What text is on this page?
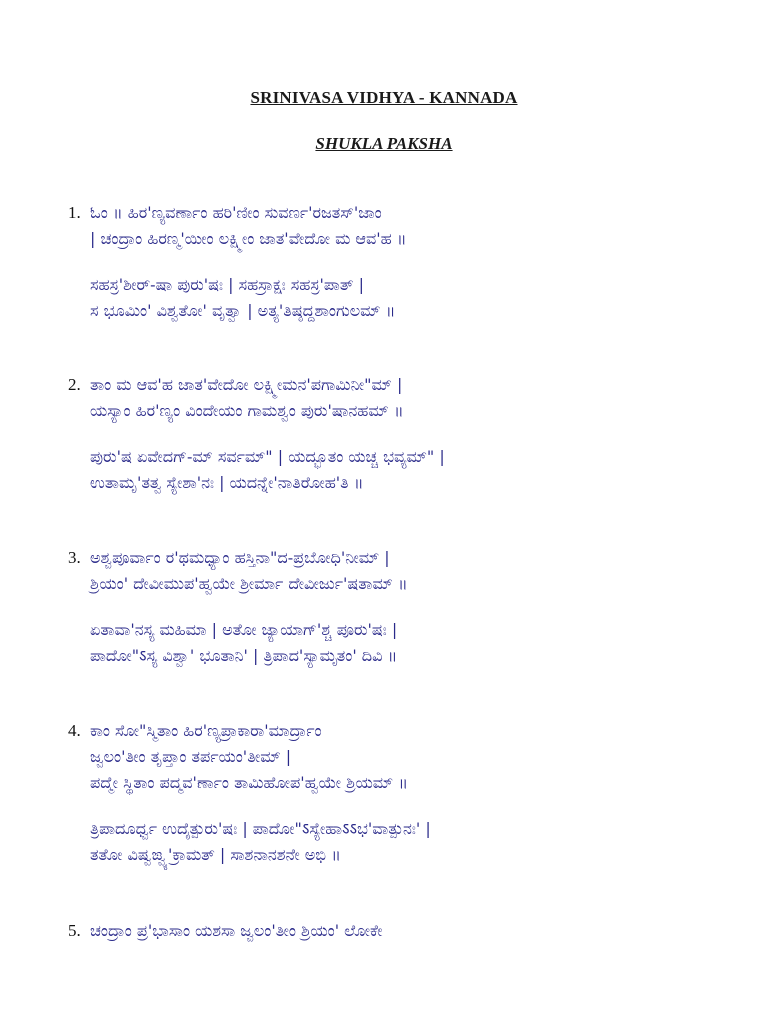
SRINIVASA VIDHYA - KANNADA
SHUKLA PAKSHA
1. ಓಂ ॥ ಹಿರ'ಣ್ಯವರ್ಣಾಂ ಹರಿ'ಣೀಂ ಸುವರ್ಣ'ರಜತಸ್'ಜಾಂ
| ಚಂದ್ರಾಂ ಹಿರಣ್ಮ'ಯೀಂ ಲಕ್ಷ್ಮೀಂ ಜಾತ'ವೇದೋ ಮ ಆವ'ಹ ॥
ಸಹಸ್ರ'ಶೀರ್-ಷಾ ಪುರು'ಷಃ | ಸಹಸ್ರಾಕ್ಷಃ ಸಹಸ್ರ'ಪಾತ್ |
ಸ ಭೂಮಿಂ' ವಿಶ್ವತೋ' ವೃತ್ವಾ | ಅತ್ಯ'ತಿಷ್ಠದ್ದಶಾಂಗುಲಮ್ ॥
2. ತಾಂ ಮ ಆವ'ಹ ಜಾತ'ವೇದೋ ಲಕ್ಷ್ಮೀಮನ'ಪಗಾಮಿನೀ"ಮ್ |
ಯಸ್ಯಾಂ ಹಿರ'ಣ್ಯಂ ವಿಂದೇಯಂ ಗಾಮಶ್ವಂ ಪುರು'ಷಾನಹಮ್ ॥
ಪುರು'ಷ ಏವೇದಗ್-ಮ್ ಸರ್ವಮ್" | ಯದ್ಭೂತಂ ಯಚ್ಚ ಭವ್ಯಮ್" |
ಉತಾಮೃ'ತತ್ವ ಸ್ಯೇಶಾ'ನಃ | ಯದನ್ನೇ'ನಾತಿರೋಹ'ತಿ ॥
3. ಅಶ್ವಪೂರ್ವಾಂ ರ'ಥಮಧ್ಯಾಂ ಹಸ್ತಿನಾ"ದ-ಪ್ರಬೋಧಿ'ನೀಮ್ |
ಶ್ರಿಯಂ' ದೇವೀಮುಪ'ಹ್ವಯೇ ಶ್ರೀರ್ಮಾ ದೇವೀರ್ಜು'ಷತಾಮ್ ॥
ಏತಾವಾ'ನಸ್ಯ ಮಹಿಮಾ | ಅತೋ ಜ್ಯಾಯಾಗ್'ಶ್ಚ ಪೂರು'ಷಃ |
ಪಾದೋ"ऽಸ್ಯ ವಿಶ್ವಾ' ಭೂತಾನಿ' | ತ್ರಿಪಾದ'ಸ್ಯಾಮೃತಂ' ದಿವಿ ॥
4. ಕಾಂ ಸೋ"ಸ್ಮಿತಾಂ ಹಿರ'ಣ್ಯಪ್ರಾಕಾರಾ'ಮಾರ್ದ್ರಾಂ
ಜ್ವಲಂ'ತೀಂ ತೃಪ್ತಾಂ ತರ್ಪಯಂ'ತೀಮ್ |
ಪದ್ಮೇ ಸ್ಥಿತಾಂ ಪದ್ಮವ'ರ್ಣಾಂ ತಾಮಿಹೋಪ'ಹ್ವಯೇ ಶ್ರಿಯಮ್ ॥
ತ್ರಿಪಾದೂರ್ಧ್ವ ಉದೈತ್ಪುರು'ಷಃ | ಪಾದೋ"ऽಸ್ಯೇಹಾऽऽಭ'ವಾತ್ಪುನಃ' |
ತತೋ ವಿಷ್ವಙ್ವ್ಯ'ಕ್ರಾಮತ್ | ಸಾಶನಾನಶನೇ ಅಭಿ ॥
5. ಚಂದ್ರಾಂ ಪ್ರ'ಭಾಸಾಂ ಯಶಸಾ ಜ್ವಲಂ'ತೀಂ ಶ್ರಿಯಂ' ಲೋಕೇ
